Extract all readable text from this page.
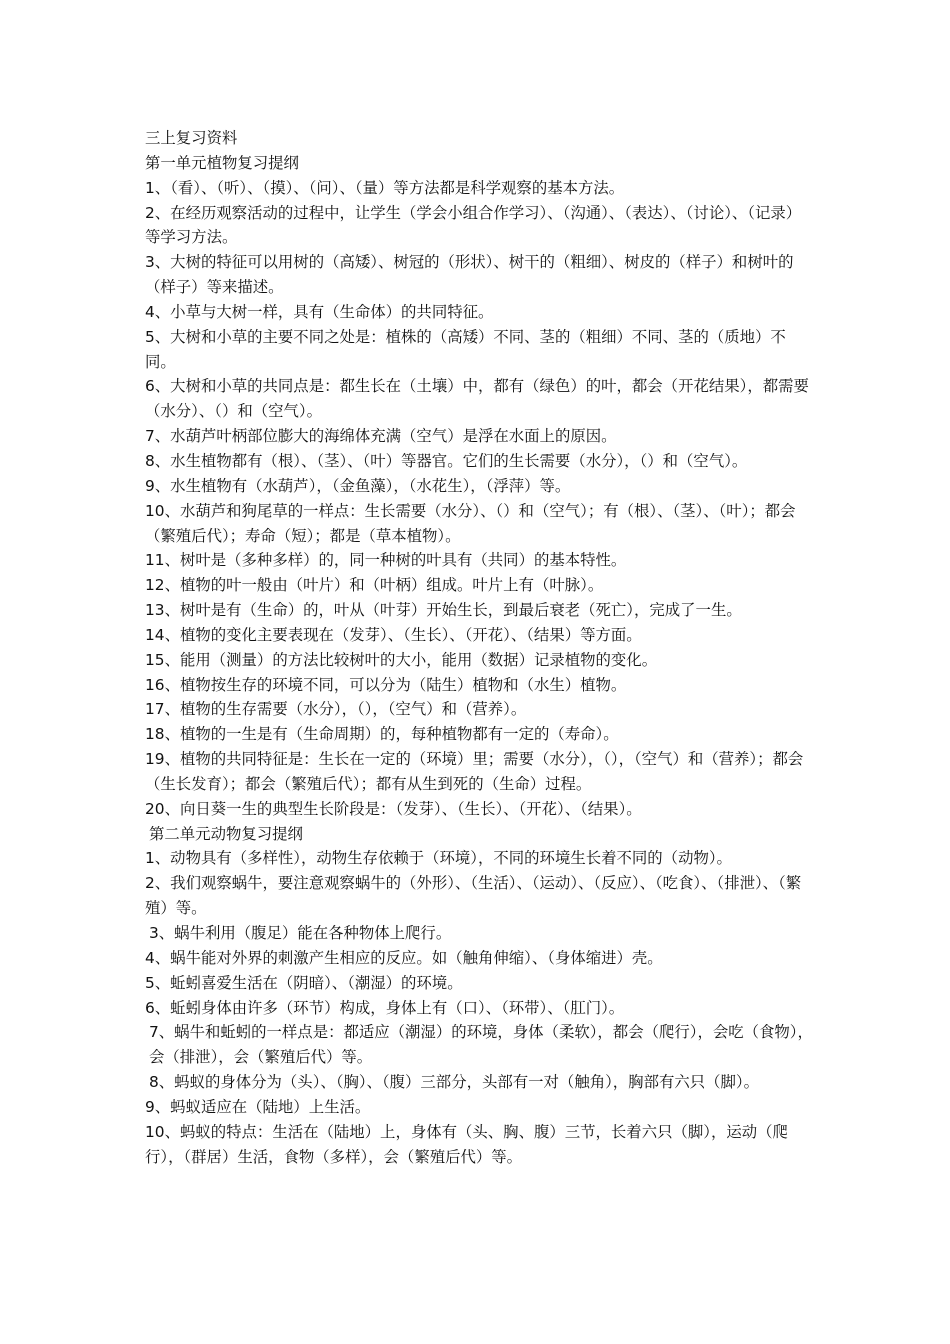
三上复习资料
第一单元植物复习提纲
1、（看）、（听）、（摸）、（问）、（量）等方法都是科学观察的基本方法。
2、在经历观察活动的过程中，让学生（学会小组合作学习）、（沟通）、（表达）、（讨论）、（记录）等学习方法。
3、大树的特征可以用树的（高矮）、树冠的（形状）、树干的（粗细）、树皮的（样子）和树叶的（样子）等来描述。
4、小草与大树一样，具有（生命体）的共同特征。
5、大树和小草的主要不同之处是：植株的（高矮）不同、茎的（粗细）不同、茎的（质地）不同。
6、大树和小草的共同点是：都生长在（土壤）中，都有（绿色）的叶，都会（开花结果），都需要（水分）、（）和（空气）。
7、水葫芦叶柄部位膨大的海绵体充满（空气）是浮在水面上的原因。
8、水生植物都有（根）、（茎）、（叶）等器官。它们的生长需要（水分），（）和（空气）。
9、水生植物有（水葫芦），（金鱼藻），（水花生），（浮萍）等。
10、水葫芦和狗尾草的一样点：生长需要（水分）、（）和（空气）；有（根）、（茎）、（叶）；都会（繁殖后代）；寿命（短）；都是（草本植物）。
11、树叶是（多种多样）的，同一种树的叶具有（共同）的基本特性。
12、植物的叶一般由（叶片）和（叶柄）组成。叶片上有（叶脉）。
13、树叶是有（生命）的，叶从（叶芽）开始生长，到最后衰老（死亡），完成了一生。
14、植物的变化主要表现在（发芽）、（生长）、（开花）、（结果）等方面。
15、能用（测量）的方法比较树叶的大小，能用（数据）记录植物的变化。
16、植物按生存的环境不同，可以分为（陆生）植物和（水生）植物。
17、植物的生存需要（水分），（），（空气）和（营养）。
18、植物的一生是有（生命周期）的，每种植物都有一定的（寿命）。
19、植物的共同特征是：生长在一定的（环境）里；需要（水分），（），（空气）和（营养）；都会（生长发育）；都会（繁殖后代）；都有从生到死的（生命）过程。
20、向日葵一生的典型生长阶段是：（发芽）、（生长）、（开花）、（结果）。
第二单元动物复习提纲
1、动物具有（多样性），动物生存依赖于（环境），不同的环境生长着不同的（动物）。
2、我们观察蜗牛，要注意观察蜗牛的（外形）、（生活）、（运动）、（反应）、（吃食）、（排泄）、（繁殖）等。
3、蜗牛利用（腹足）能在各种物体上爬行。
4、蜗牛能对外界的刺激产生相应的反应。如（触角伸缩）、（身体缩进）壳。
5、蚯蚓喜爱生活在（阴暗）、（潮湿）的环境。
6、蚯蚓身体由许多（环节）构成，身体上有（口）、（环带）、（肛门）。
7、蜗牛和蚯蚓的一样点是：都适应（潮湿）的环境，身体（柔软），都会（爬行），会吃（食物），会（排泄），会（繁殖后代）等。
8、蚂蚁的身体分为（头）、（胸）、（腹）三部分，头部有一对（触角），胸部有六只（脚）。
9、蚂蚁适应在（陆地）上生活。
10、蚂蚁的特点：生活在（陆地）上，身体有（头、胸、腹）三节，长着六只（脚），运动（爬行），（群居）生活，食物（多样），会（繁殖后代）等。
